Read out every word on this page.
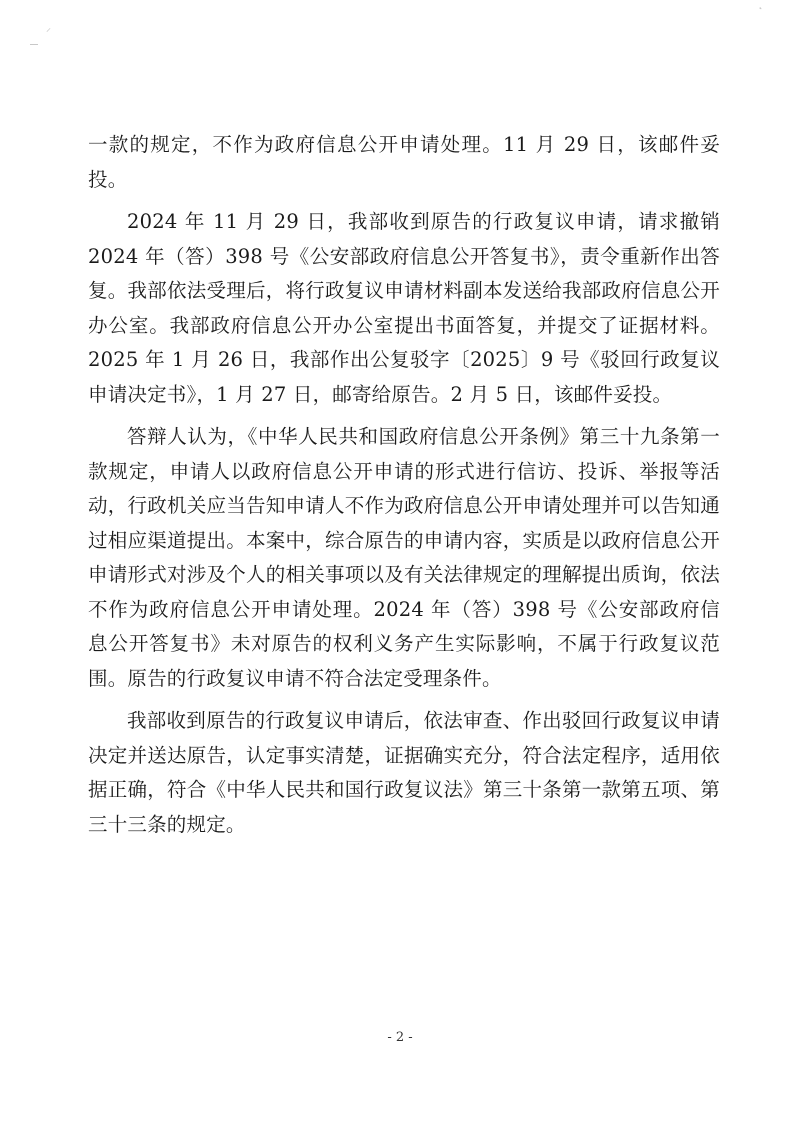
⸝
˛

一款的规定，不作为政府信息公开申请处理。11 月 29 日，该邮件妥投。

2024 年 11 月 29 日，我部收到原告的行政复议申请，请求撤销 2024 年（答）398 号《公安部政府信息公开答复书》，责令重新作出答复。我部依法受理后，将行政复议申请材料副本发送给我部政府信息公开办公室。我部政府信息公开办公室提出书面答复，并提交了证据材料。2025 年 1 月 26 日，我部作出公复驳字〔2025〕9 号《驳回行政复议申请决定书》，1 月 27 日，邮寄给原告。2 月 5 日，该邮件妥投。

答辩人认为，《中华人民共和国政府信息公开条例》第三十九条第一款规定，申请人以政府信息公开申请的形式进行信访、投诉、举报等活动，行政机关应当告知申请人不作为政府信息公开申请处理并可以告知通过相应渠道提出。本案中，综合原告的申请内容，实质是以政府信息公开申请形式对涉及个人的相关事项以及有关法律规定的理解提出质询，依法不作为政府信息公开申请处理。2024 年（答）398 号《公安部政府信息公开答复书》未对原告的权利义务产生实际影响，不属于行政复议范围。原告的行政复议申请不符合法定受理条件。

我部收到原告的行政复议申请后，依法审查、作出驳回行政复议申请决定并送达原告，认定事实清楚，证据确实充分，符合法定程序，适用依据正确，符合《中华人民共和国行政复议法》第三十条第一款第五项、第三十三条的规定。

- 2 -
